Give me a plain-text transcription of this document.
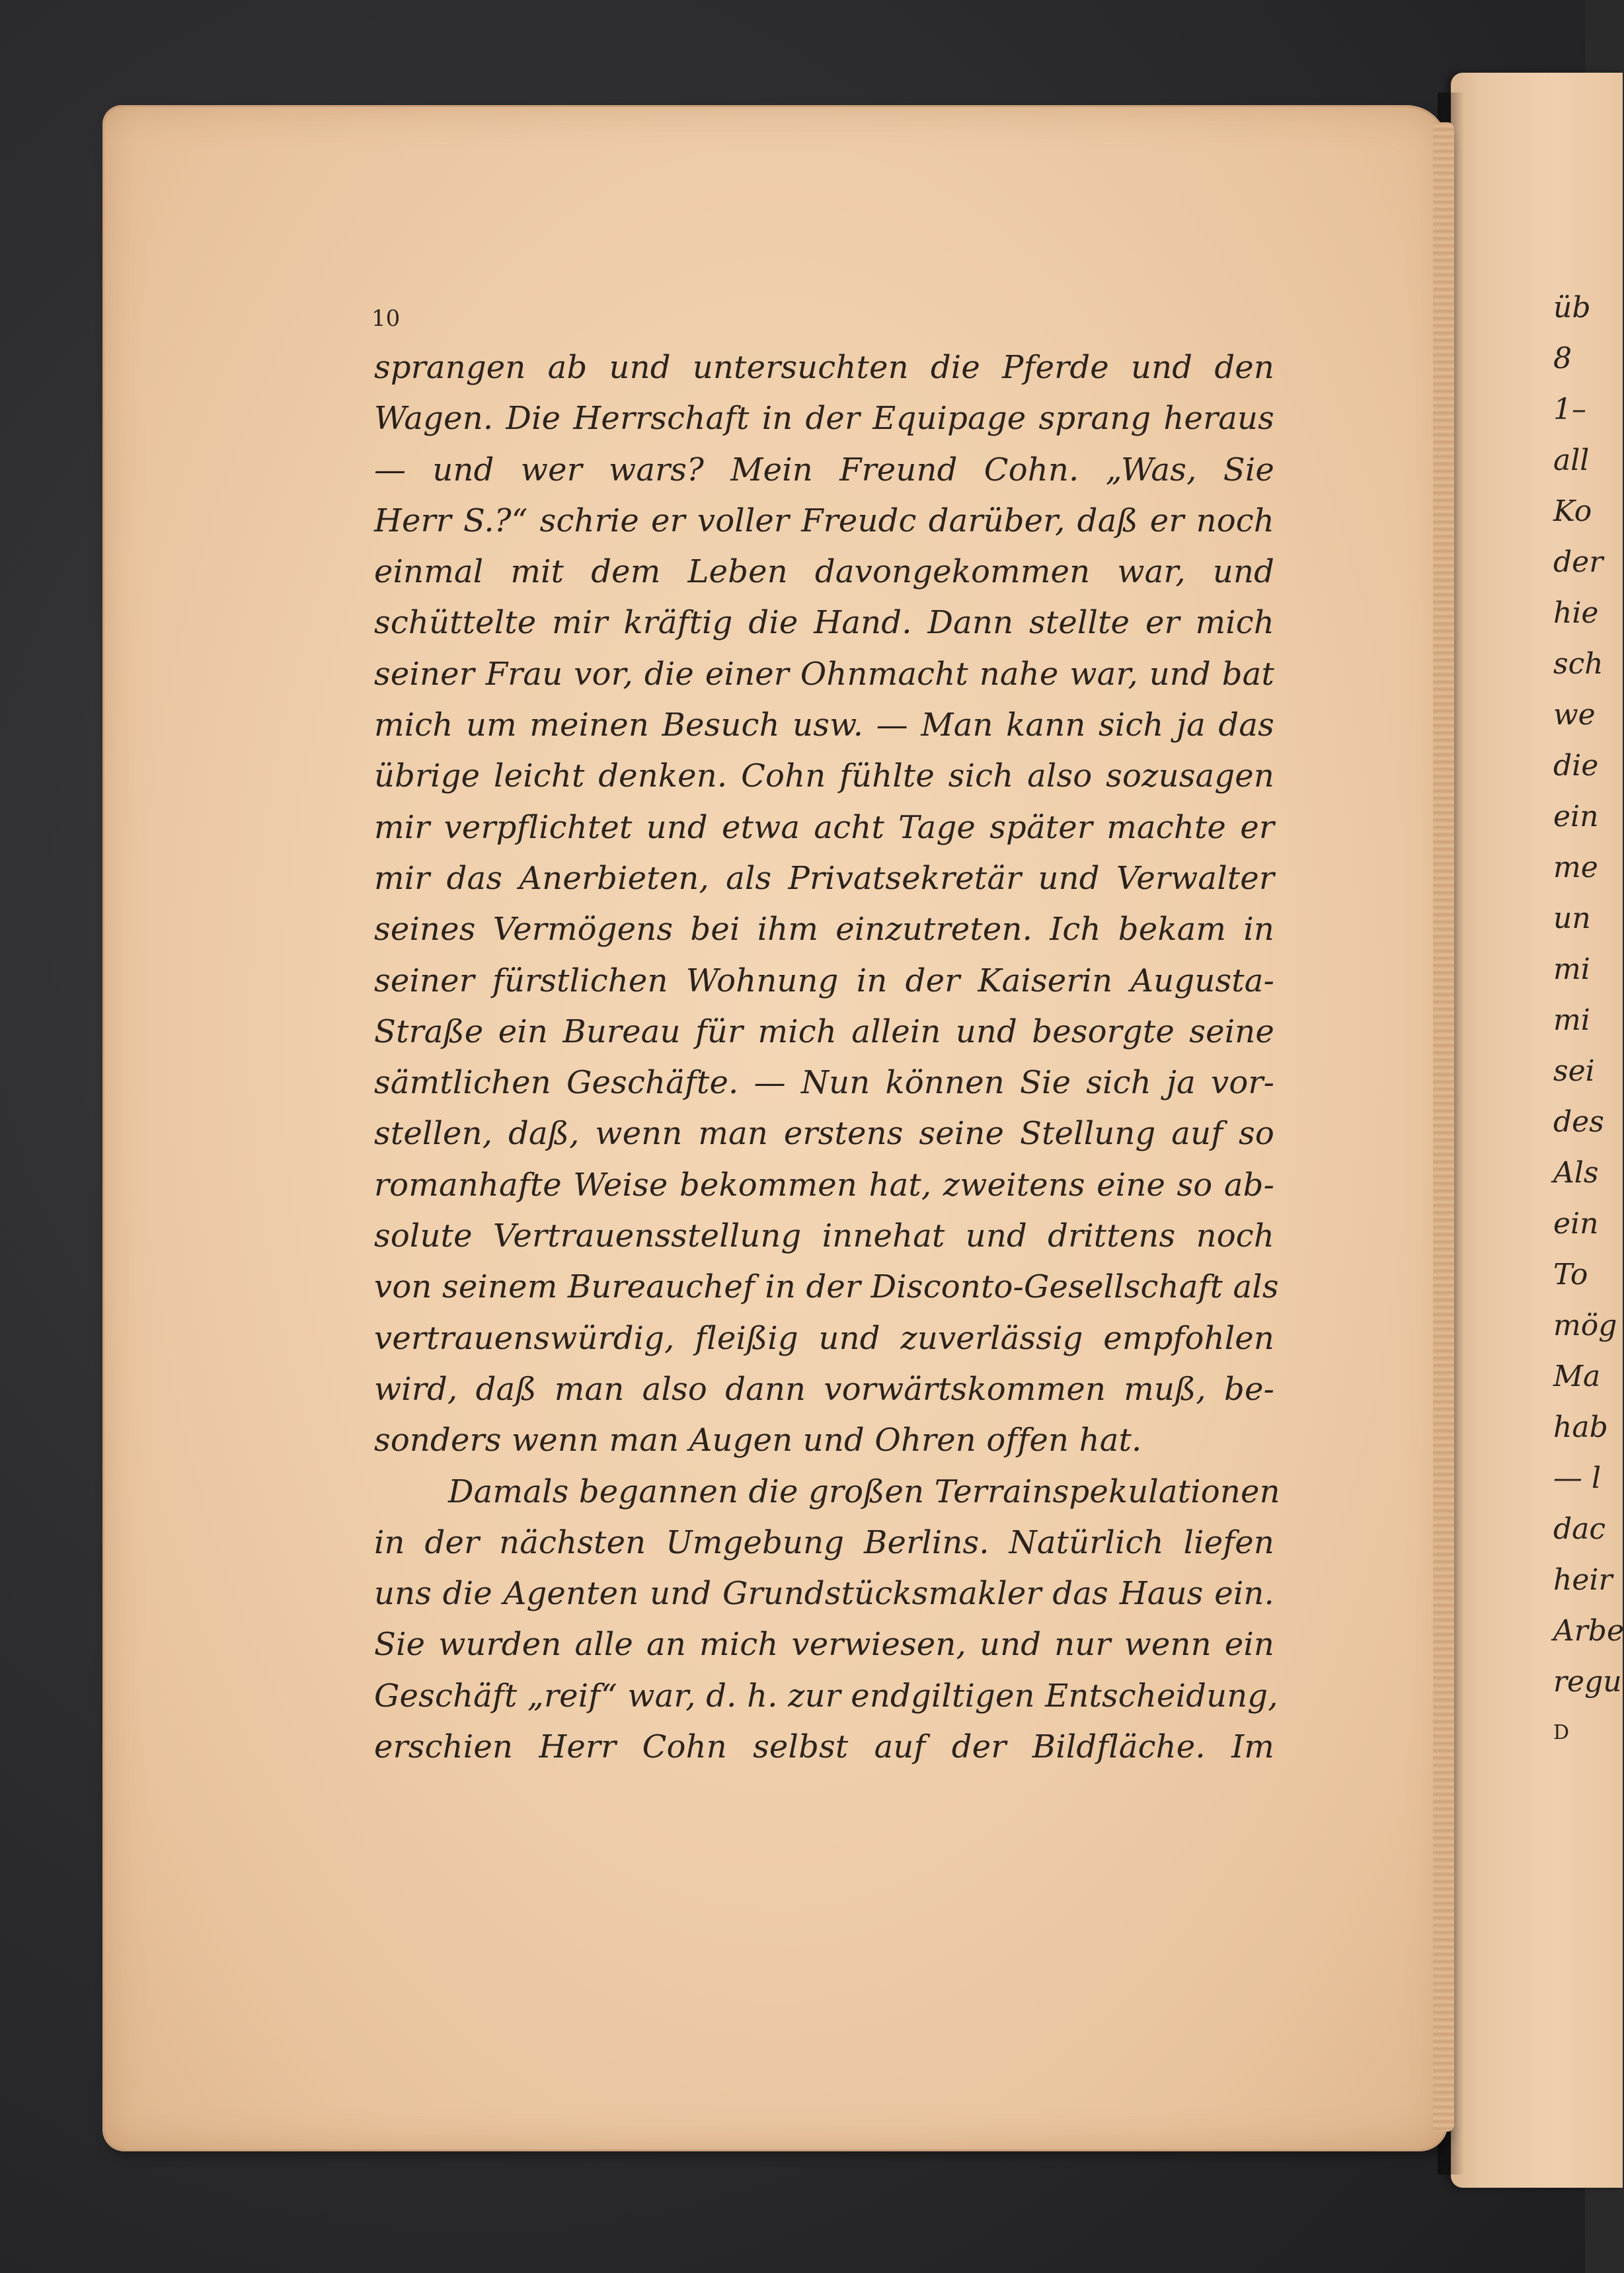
üb
8
1–
all
Ko
der
hie
sch
we
die
ein
me
un
mi
mi
sei
des
Als
ein
To
mög
Ma
hab
— l
dac
heir
Arbe
regu
D
10
sprangen ab und untersuchten die Pferde und den
Wagen. Die Herrschaft in der Equipage sprang heraus
— und wer wars? Mein Freund Cohn. „Was, Sie
Herr S.?“ schrie er voller Freudc darüber, daß er noch
einmal mit dem Leben davongekommen war, und
schüttelte mir kräftig die Hand. Dann stellte er mich
seiner Frau vor, die einer Ohnmacht nahe war, und bat
mich um meinen Besuch usw. — Man kann sich ja das
übrige leicht denken. Cohn fühlte sich also sozusagen
mir verpflichtet und etwa acht Tage später machte er
mir das Anerbieten, als Privatsekretär und Verwalter
seines Vermögens bei ihm einzutreten. Ich bekam in
seiner fürstlichen Wohnung in der Kaiserin Augusta-
Straße ein Bureau für mich allein und besorgte seine
sämtlichen Geschäfte. — Nun können Sie sich ja vor-
stellen, daß, wenn man erstens seine Stellung auf so
romanhafte Weise bekommen hat, zweitens eine so ab-
solute Vertrauensstellung innehat und drittens noch
von seinem Bureauchef in der Disconto-Gesellschaft als
vertrauenswürdig, fleißig und zuverlässig empfohlen
wird, daß man also dann vorwärtskommen muß, be-
sonders wenn man Augen und Ohren offen hat.
Damals begannen die großen Terrainspekulationen
in der nächsten Umgebung Berlins. Natürlich liefen
uns die Agenten und Grundstücksmakler das Haus ein.
Sie wurden alle an mich verwiesen, und nur wenn ein
Geschäft „reif“ war, d. h. zur endgiltigen Entscheidung,
erschien Herr Cohn selbst auf der Bildfläche. Im
